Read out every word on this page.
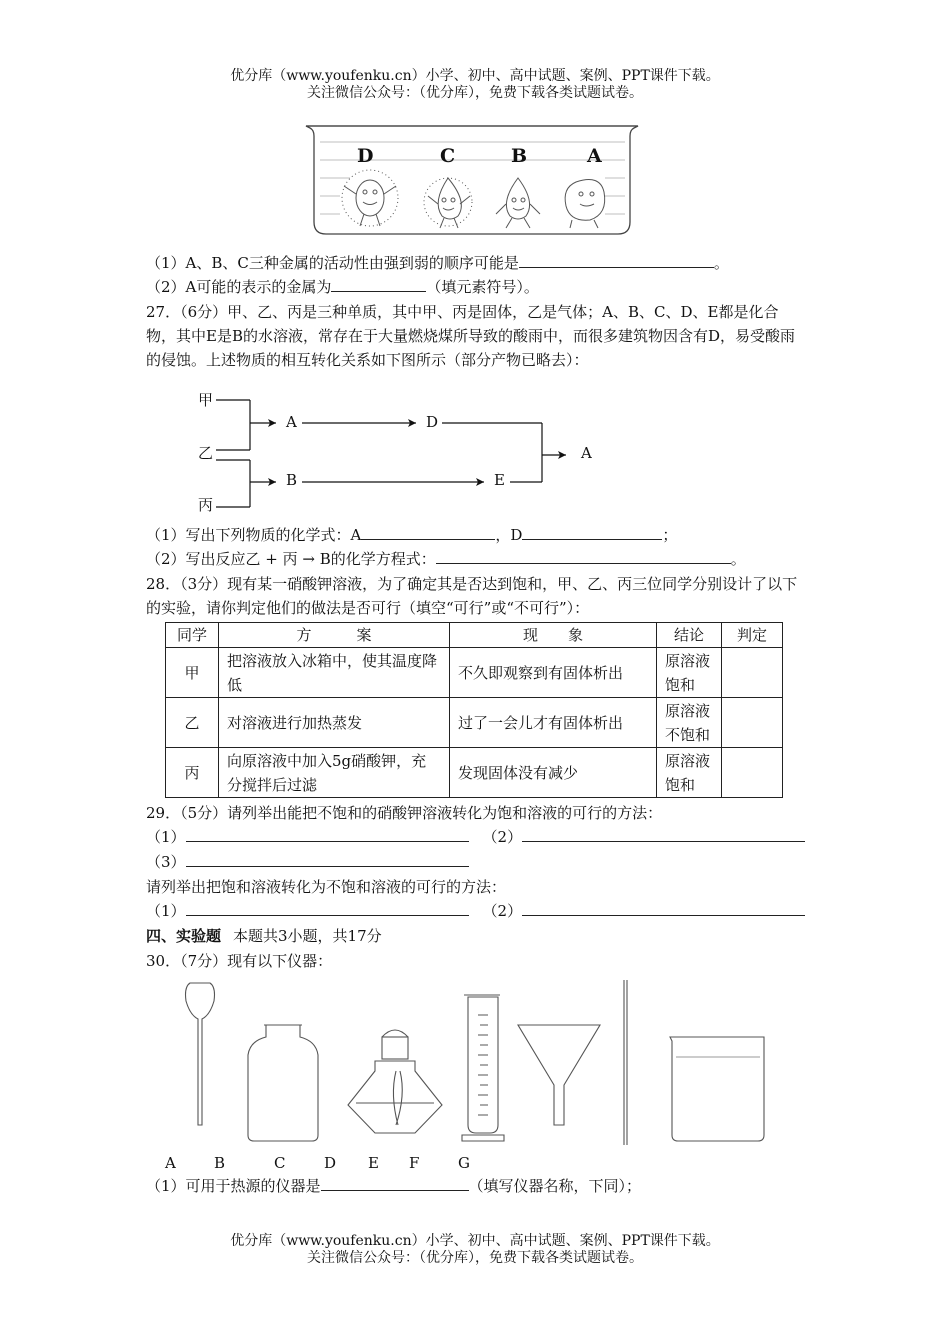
优分库（www.youfenku.cn）小学、初中、高中试题、案例、PPT课件下载。
关注微信公众号：（优分库），免费下载各类试题试卷。
D	C	B	A
（1）A、B、C三种金属的活动性由强到弱的顺序可能是	。
（2）A可能的表示的金属为	（填元素符号）。
27．（6分）甲、乙、丙是三种单质，其中甲、丙是固体，乙是气体；A、B、C、D、E都是化合物，其中E是B的水溶液，常存在于大量燃烧煤所导致的酸雨中，而很多建筑物因含有D，易受酸雨的侵蚀。上述物质的相互转化关系如下图所示（部分产物已略去）：
甲
乙
丙
A	D
B	E
A
（1）写出下列物质的化学式：A	，D	；
（2）写出反应乙 + 丙 → B的化学方程式：	。
28．（3分）现有某一硝酸钾溶液，为了确定其是否达到饱和，甲、乙、丙三位同学分别设计了以下的实验，请你判定他们的做法是否可行（填空“可行”或“不可行”）：
同学	方　　　案	现　　象	结论	判定
甲	把溶液放入冰箱中，使其温度降低	不久即观察到有固体析出	原溶液饱和	
乙	对溶液进行加热蒸发	过了一会儿才有固体析出	原溶液不饱和	
丙	向原溶液中加入5g硝酸钾，充分搅拌后过滤	发现固体没有减少	原溶液饱和	
29．（5分）请列举出能把不饱和的硝酸钾溶液转化为饱和溶液的可行的方法：
（1）	（2）
（3）
请列举出把饱和溶液转化为不饱和溶液的可行的方法：
（1）	（2）
四、实验题 本题共3小题，共17分
30．（7分）现有以下仪器：
A	B	C	D E F	G
（1）可用于热源的仪器是	（填写仪器名称，下同）；
优分库（www.youfenku.cn）小学、初中、高中试题、案例、PPT课件下载。
关注微信公众号：（优分库），免费下载各类试题试卷。
